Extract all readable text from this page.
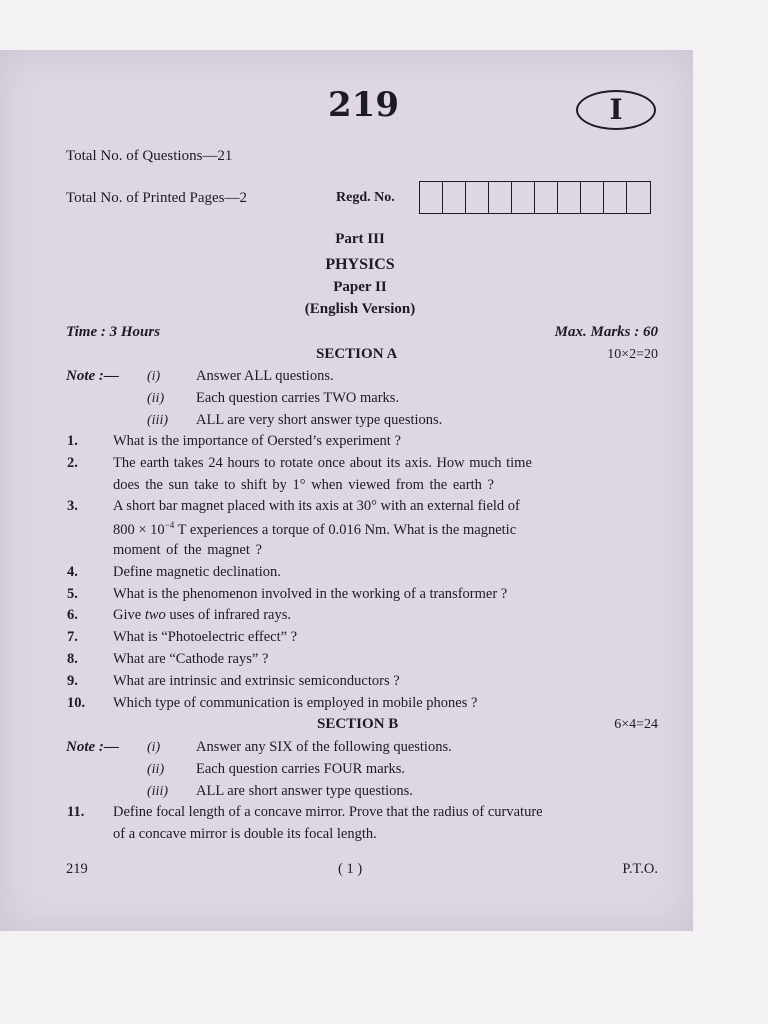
219	I
Total No. of Questions—21
Total No. of Printed Pages—2	Regd. No.
Part III
PHYSICS
Paper II
(English Version)
Time : 3 Hours	Max. Marks : 60
SECTION A	10×2=20
Note :— (i) Answer ALL questions.
(ii) Each question carries TWO marks.
(iii) ALL are very short answer type questions.
1. What is the importance of Oersted’s experiment ?
2. The earth takes 24 hours to rotate once about its axis. How much time
does the sun take to shift by 1° when viewed from the earth ?
3. A short bar magnet placed with its axis at 30° with an external field of
$800 \times 10^{-4}$ T experiences a torque of 0.016 Nm. What is the magnetic
moment of the magnet ?
4. Define magnetic declination.
5. What is the phenomenon involved in the working of a transformer ?
6. Give two uses of infrared rays.
7. What is “Photoelectric effect” ?
8. What are “Cathode rays” ?
9. What are intrinsic and extrinsic semiconductors ?
10. Which type of communication is employed in mobile phones ?
SECTION B	6×4=24
Note :— (i) Answer any SIX of the following questions.
(ii) Each question carries FOUR marks.
(iii) ALL are short answer type questions.
11. Define focal length of a concave mirror. Prove that the radius of curvature
of a concave mirror is double its focal length.
219	( 1 )	P.T.O.
